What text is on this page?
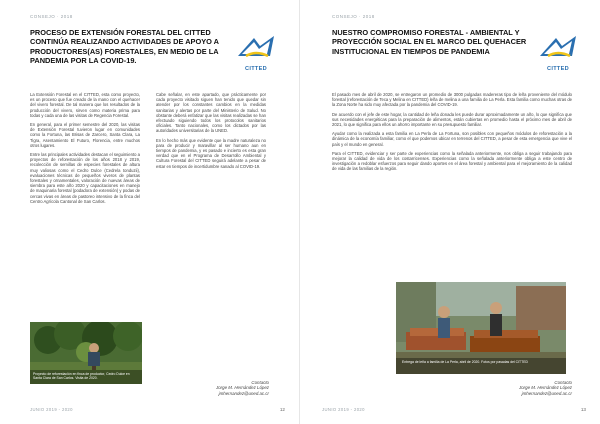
CONSEJO · 2018
PROCESO DE EXTENSIÓN FORESTAL DEL CITTED CONTINÚA REALIZANDO ACTIVIDADES DE APOYO A PRODUCTORES(AS) FORESTALES, EN MEDIO DE LA PANDEMIA POR LA COVID-19.
CITTED

La Extensión Forestal en el CITTED, esta como proyecto, es un proceso que fue creado de la mano con el quehacer del vivero forestal. De tal manera que los resultados de la producción del vivero, sirven como materia prima para todas y cada una de las visitas de Regencia Forestal.

En general, para el primer semestre del 2020, las visitas de Extensión Forestal tuvieron lugar en comunidades como la Fortuna, las Brisas de Zarcero, Santa Clara, La Tigra, Asentamiento El Futuro, Florencia, entre muchos otros lugares.

Entre las principales actividades destacan el seguimiento a proyectos de reforestación de los años 2018 y 2019, recolección de semillas de especies forestales de altura muy valiosas como el Cedro Dulce (Cedrela tonduzii), evaluaciones técnicas de pequeños viveros de plantas forestales y ornamentales, valoración de nuevas áreas de siembra para este año 2020 y capacitaciones en manejo de maquinaria forestal (podadora de extensión) y podas de cercas vivas en áreas de pastoreo intensivo de la finca del Centro Agrícola Cantonal de San Carlos.

Cabe señalar, en este apartado, que prácticamente por cada proyecto visitado siguen han tenido que quedar sin atender por los constantes cambios en la medidas sanitarias y alertas por parte del Ministerio de Salud. No obstante deberá enfatizar que las visitas realizadas se han efectuado siguiendo todos los protocolos sanitarios oficiales. Tanto nacionales, como los dictados por las autoridades universitarias de la UNED.

En lo hecho más que evidente que la madre naturaleza no para de producir y maravillar al ser humano aun en tiempos de pandemia, y es pasado e incierto es esta gran verdad que en el Programa de Desarrollo Ambiental y Cultura Forestal del CITTED seguirá adelante a pesar de estar en tiempos de incertidumbre sanado al COVID-19.

Proyecto de reforestación en finca de productor, Cedro Dulce en Santa Clara de San Carlos. Visita de 2020.
Contacto
Jorge M. Hernández López
jmhernandez@uned.ac.cr
JUNIO 2019 - 2020	12
CONSEJO · 2018
NUESTRO COMPROMISO FORESTAL - AMBIENTAL Y PROYECCIÓN SOCIAL EN EL MARCO DEL QUEHACER INSTITUCIONAL EN TIEMPOS DE PANDEMIA
CITTED

El pasado mes de abril de 2020, se entregaron un promedio de 3000 pulgadas madereras tipo de leña proveniente del módulo forestal (reforestación de Teca y Melina en CITTED) leña de melina a una familia de La Perla. Esta familia como muchas otras de la Zona Norte ha sido muy afectada por la pandemia del COVID-19.

De acuerdo con el jefe de este hogar, la cantidad de leña donada les puede durar aproximadamente un año, lo que significa que sus necesidades energéticas para la preparación de alimentos, están cubiertas en promedio hasta el próximo mes de abril de 2021, lo que significa para ellos un ahorro importante en su presupuesto familiar.

Ayudar como la realizada a esta familia en La Perla de La Fortuna, son posibles con pequeños módulos de reforestación a la dinámica de la economía familiar, como el que podemos ubicar en terrenos del CITTED, a pesar de esta emergencia que vive el país y el mundo en general.

Para el CITTED, evidenciar y ser parte de experiencias como la señalada anteriormente, nos obliga a seguir trabajando para mejorar la calidad de vida de los costarricenses. Experiencias como la señalada anteriormente obliga a este centro de investigación a redoblar esfuerzos para seguir dando aportes en el área forestal y ambiental para el mejoramiento de la calidad de vida de las familias de la región.

Entrega de leña a familia de La Perla, abril de 2020. Fotos por pasadas del CITTED
Contacto
Jorge M. Hernández López
jmhernandez@uned.ac.cr
JUNIO 2019 - 2020	13
